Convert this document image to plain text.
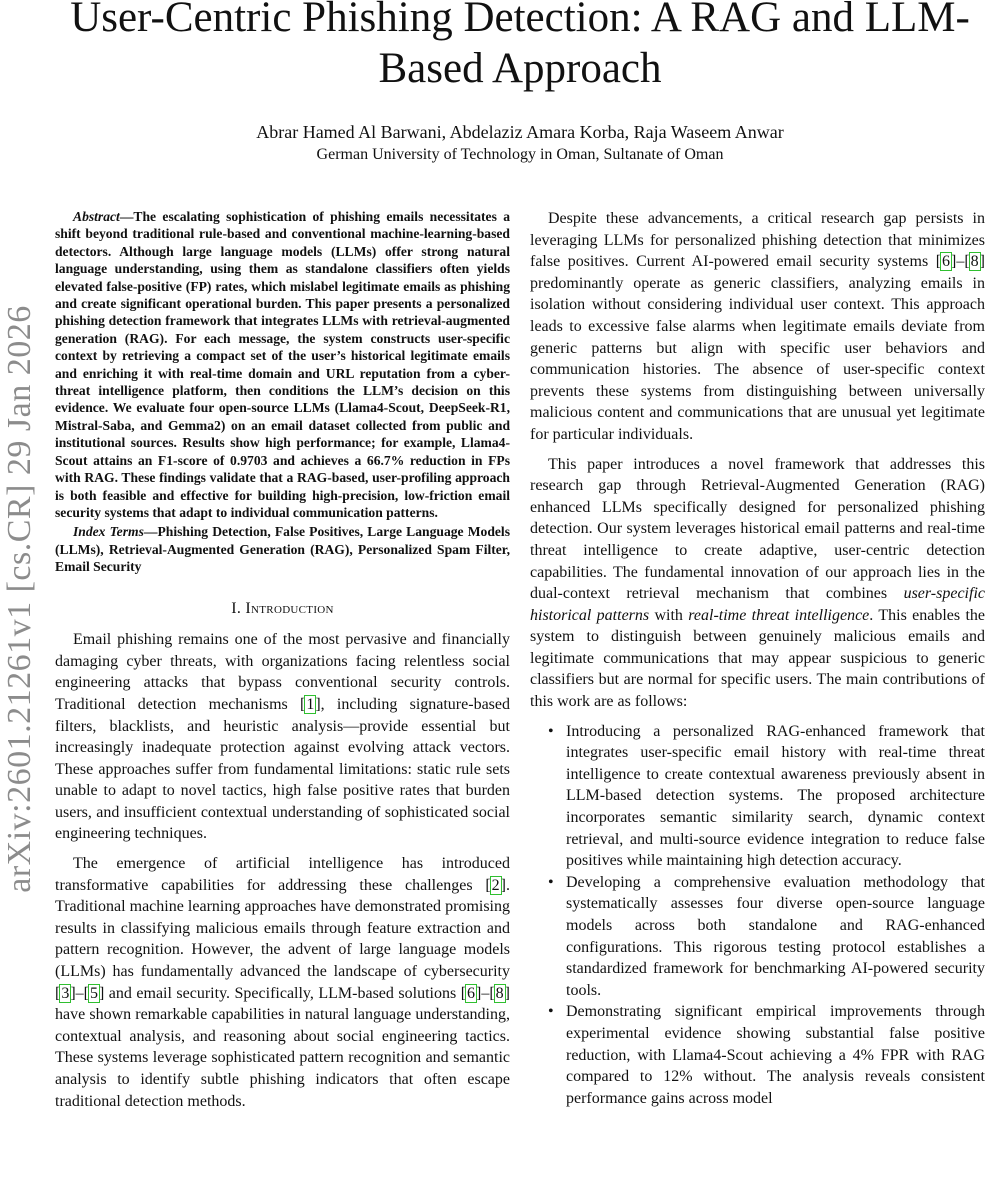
arXiv:2601.21261v1 [cs.CR] 29 Jan 2026
User-Centric Phishing Detection: A RAG and LLM-Based Approach
Abrar Hamed Al Barwani, Abdelaziz Amara Korba, Raja Waseem Anwar
German University of Technology in Oman, Sultanate of Oman

Abstract—The escalating sophistication of phishing emails necessitates a shift beyond traditional rule-based and conventional machine-learning-based detectors. Although large language models (LLMs) offer strong natural language understanding, using them as standalone classifiers often yields elevated false-positive (FP) rates, which mislabel legitimate emails as phishing and create significant operational burden. This paper presents a personalized phishing detection framework that integrates LLMs with retrieval-augmented generation (RAG). For each message, the system constructs user-specific context by retrieving a compact set of the user’s historical legitimate emails and enriching it with real-time domain and URL reputation from a cyber-threat intelligence platform, then conditions the LLM’s decision on this evidence. We evaluate four open-source LLMs (Llama4-Scout, DeepSeek-R1, Mistral-Saba, and Gemma2) on an email dataset collected from public and institutional sources. Results show high performance; for example, Llama4-Scout attains an F1-score of 0.9703 and achieves a 66.7% reduction in FPs with RAG. These findings validate that a RAG-based, user-profiling approach is both feasible and effective for building high-precision, low-friction email security systems that adapt to individual communication patterns.

Index Terms—Phishing Detection, False Positives, Large Language Models (LLMs), Retrieval-Augmented Generation (RAG), Personalized Spam Filter, Email Security

I. Introduction

Email phishing remains one of the most pervasive and financially damaging cyber threats, with organizations facing relentless social engineering attacks that bypass conventional security controls. Traditional detection mechanisms [1], including signature-based filters, blacklists, and heuristic analysis—provide essential but increasingly inadequate protection against evolving attack vectors. These approaches suffer from fundamental limitations: static rule sets unable to adapt to novel tactics, high false positive rates that burden users, and insufficient contextual understanding of sophisticated social engineering techniques.

The emergence of artificial intelligence has introduced transformative capabilities for addressing these challenges [2]. Traditional machine learning approaches have demonstrated promising results in classifying malicious emails through feature extraction and pattern recognition. However, the advent of large language models (LLMs) has fundamentally advanced the landscape of cybersecurity [3]–[5] and email security. Specifically, LLM-based solutions [6]–[8] have shown remarkable capabilities in natural language understanding, contextual analysis, and reasoning about social engineering tactics. These systems leverage sophisticated pattern recognition and semantic analysis to identify subtle phishing indicators that often escape traditional detection methods.

Despite these advancements, a critical research gap persists in leveraging LLMs for personalized phishing detection that minimizes false positives. Current AI-powered email security systems [6]–[8] predominantly operate as generic classifiers, analyzing emails in isolation without considering individual user context. This approach leads to excessive false alarms when legitimate emails deviate from generic patterns but align with specific user behaviors and communication histories. The absence of user-specific context prevents these systems from distinguishing between universally malicious content and communications that are unusual yet legitimate for particular individuals.

This paper introduces a novel framework that addresses this research gap through Retrieval-Augmented Generation (RAG) enhanced LLMs specifically designed for personalized phishing detection. Our system leverages historical email patterns and real-time threat intelligence to create adaptive, user-centric detection capabilities. The fundamental innovation of our approach lies in the dual-context retrieval mechanism that combines user-specific historical patterns with real-time threat intelligence. This enables the system to distinguish between genuinely malicious emails and legitimate communications that may appear suspicious to generic classifiers but are normal for specific users. The main contributions of this work are as follows:

• Introducing a personalized RAG-enhanced framework that integrates user-specific email history with real-time threat intelligence to create contextual awareness previously absent in LLM-based detection systems. The proposed architecture incorporates semantic similarity search, dynamic context retrieval, and multi-source evidence integration to reduce false positives while maintaining high detection accuracy.
• Developing a comprehensive evaluation methodology that systematically assesses four diverse open-source language models across both standalone and RAG-enhanced configurations. This rigorous testing protocol establishes a standardized framework for benchmarking AI-powered security tools.
• Demonstrating significant empirical improvements through experimental evidence showing substantial false positive reduction, with Llama4-Scout achieving a 4% FPR with RAG compared to 12% without. The analysis reveals consistent performance gains across model
